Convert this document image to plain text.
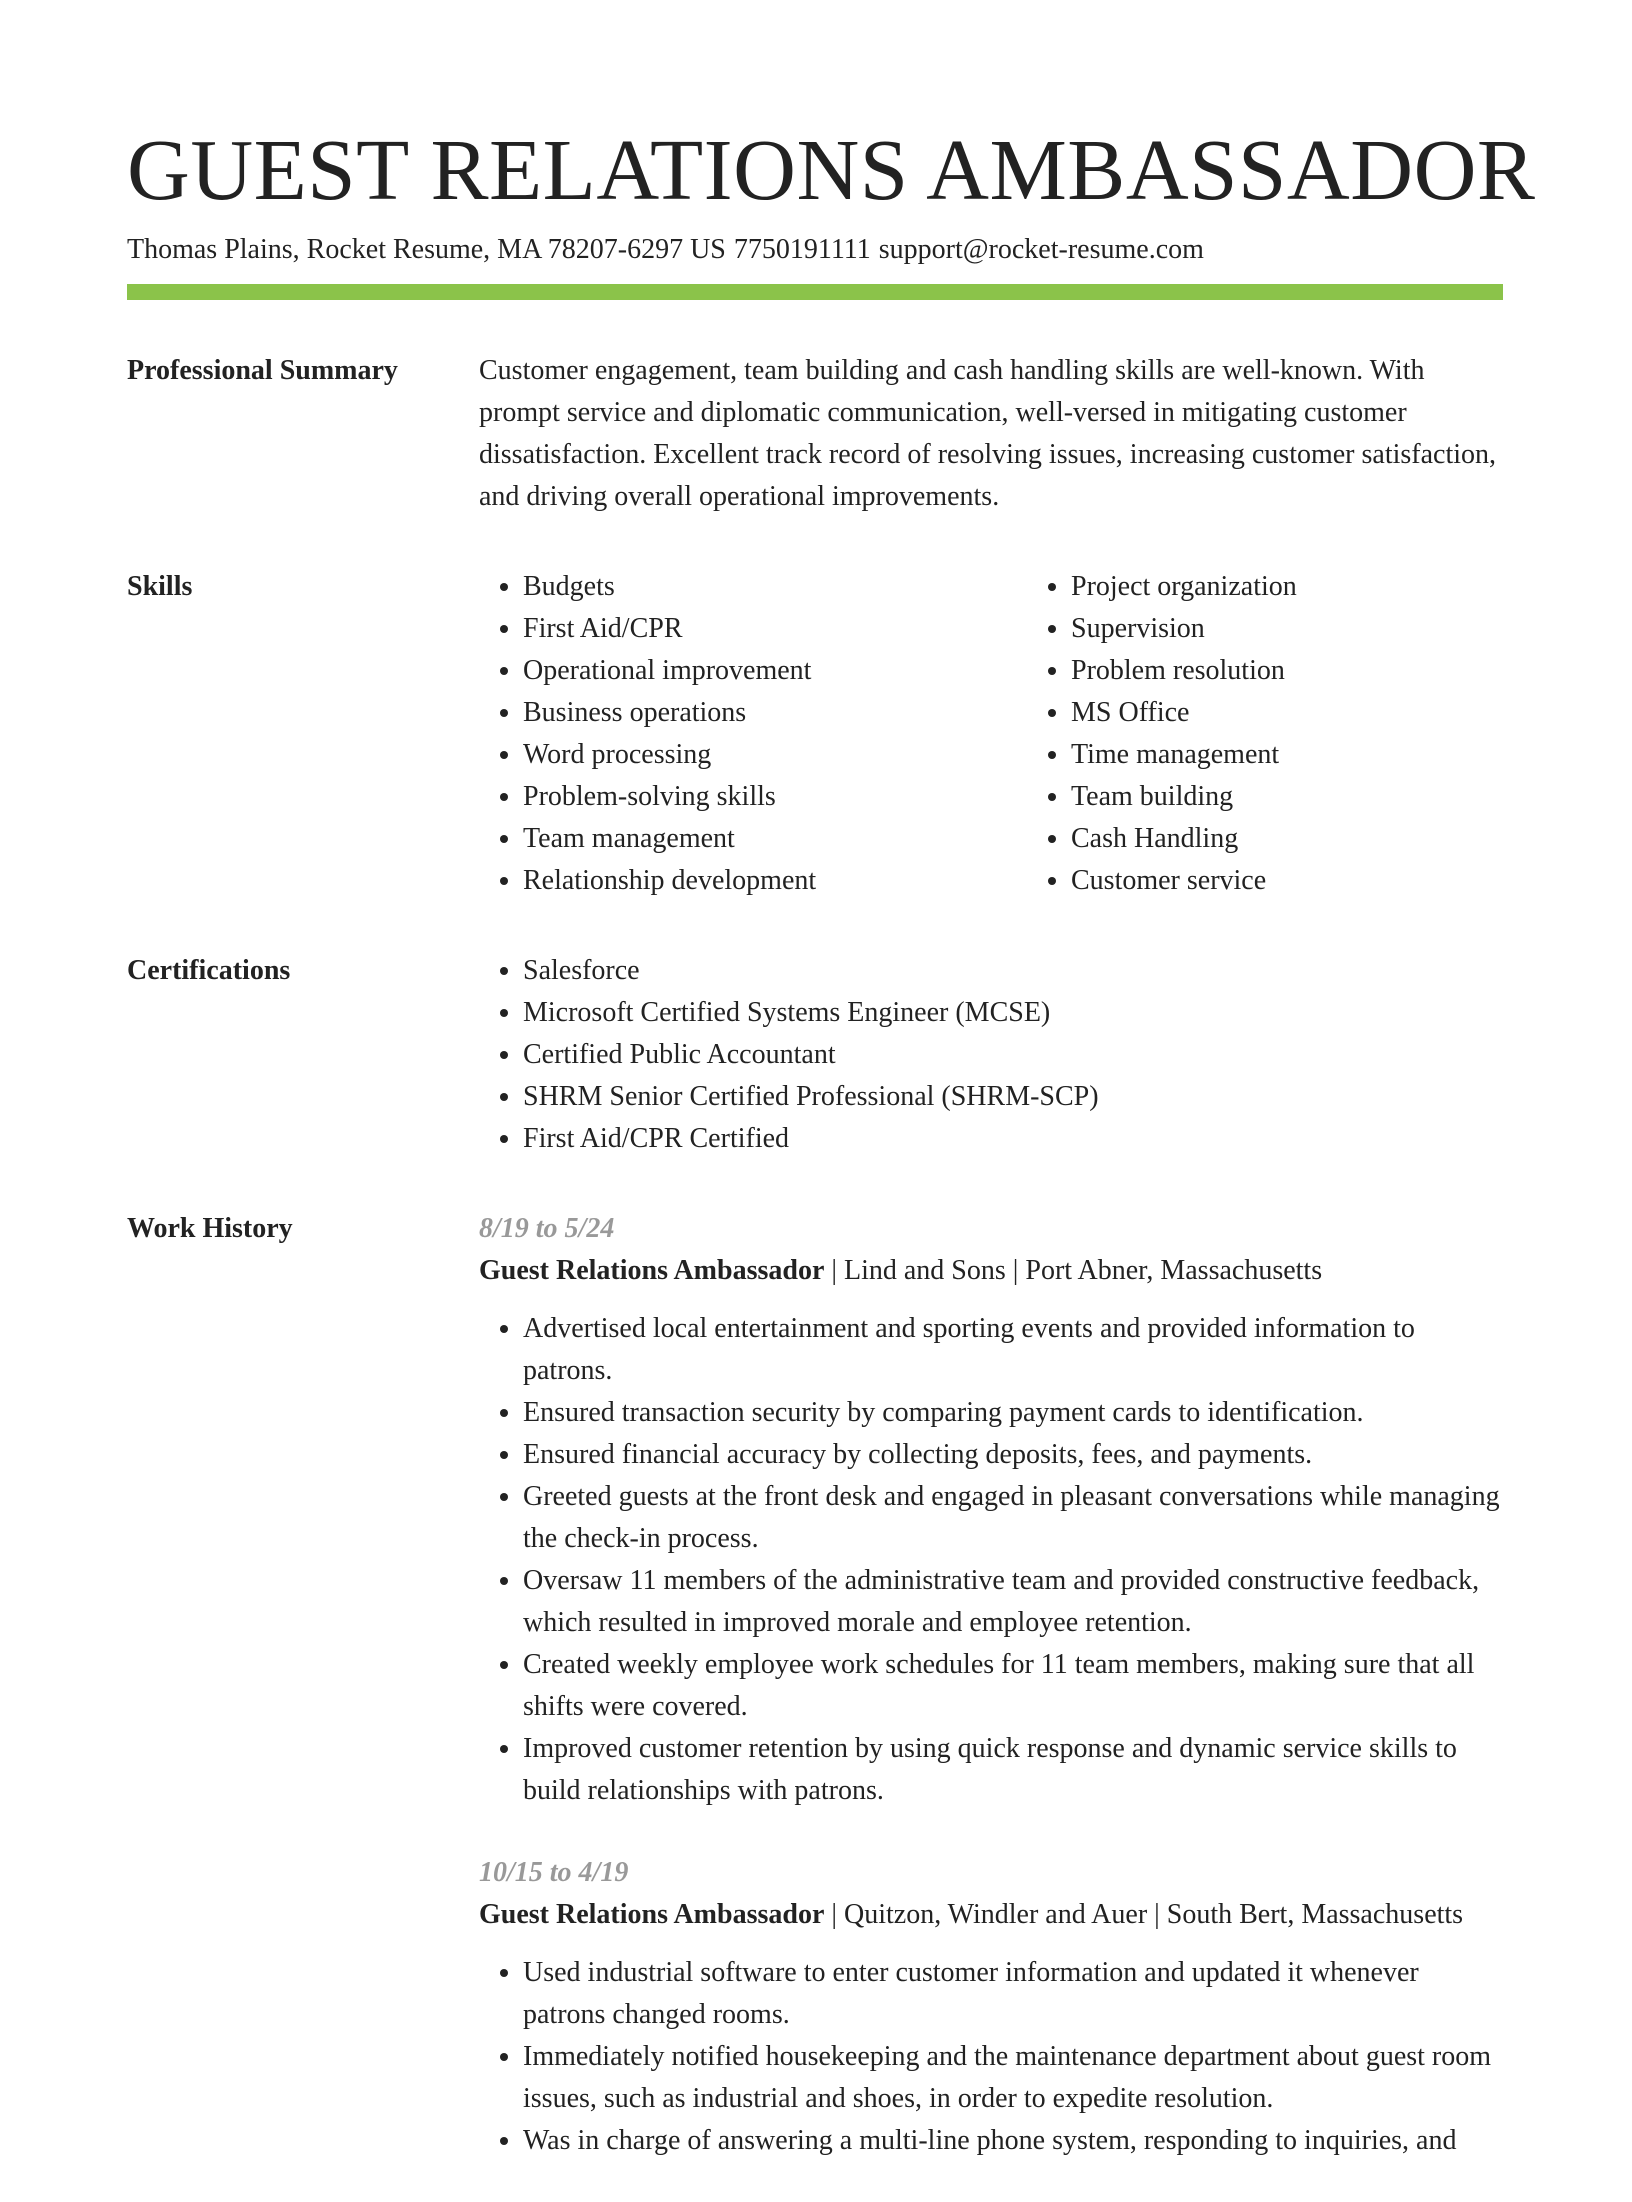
GUEST RELATIONS AMBASSADOR
Thomas Plains, Rocket Resume, MA 78207-6297 US 7750191111 support@rocket-resume.com
Professional Summary	Customer engagement, team building and cash handling skills are well-known. With prompt service and diplomatic communication, well-versed in mitigating customer dissatisfaction. Excellent track record of resolving issues, increasing customer satisfaction, and driving overall operational improvements.
Skills	• Budgets
• First Aid/CPR
• Operational improvement
• Business operations
• Word processing
• Problem-solving skills
• Team management
• Relationship development
• Project organization
• Supervision
• Problem resolution
• MS Office
• Time management
• Team building
• Cash Handling
• Customer service
Certifications	• Salesforce
• Microsoft Certified Systems Engineer (MCSE)
• Certified Public Accountant
• SHRM Senior Certified Professional (SHRM-SCP)
• First Aid/CPR Certified
Work History	8/19 to 5/24
Guest Relations Ambassador | Lind and Sons | Port Abner, Massachusetts
• Advertised local entertainment and sporting events and provided information to patrons.
• Ensured transaction security by comparing payment cards to identification.
• Ensured financial accuracy by collecting deposits, fees, and payments.
• Greeted guests at the front desk and engaged in pleasant conversations while managing the check-in process.
• Oversaw 11 members of the administrative team and provided constructive feedback, which resulted in improved morale and employee retention.
• Created weekly employee work schedules for 11 team members, making sure that all shifts were covered.
• Improved customer retention by using quick response and dynamic service skills to build relationships with patrons.
10/15 to 4/19
Guest Relations Ambassador | Quitzon, Windler and Auer | South Bert, Massachusetts
• Used industrial software to enter customer information and updated it whenever patrons changed rooms.
• Immediately notified housekeeping and the maintenance department about guest room issues, such as industrial and shoes, in order to expedite resolution.
• Was in charge of answering a multi-line phone system, responding to inquiries, and
